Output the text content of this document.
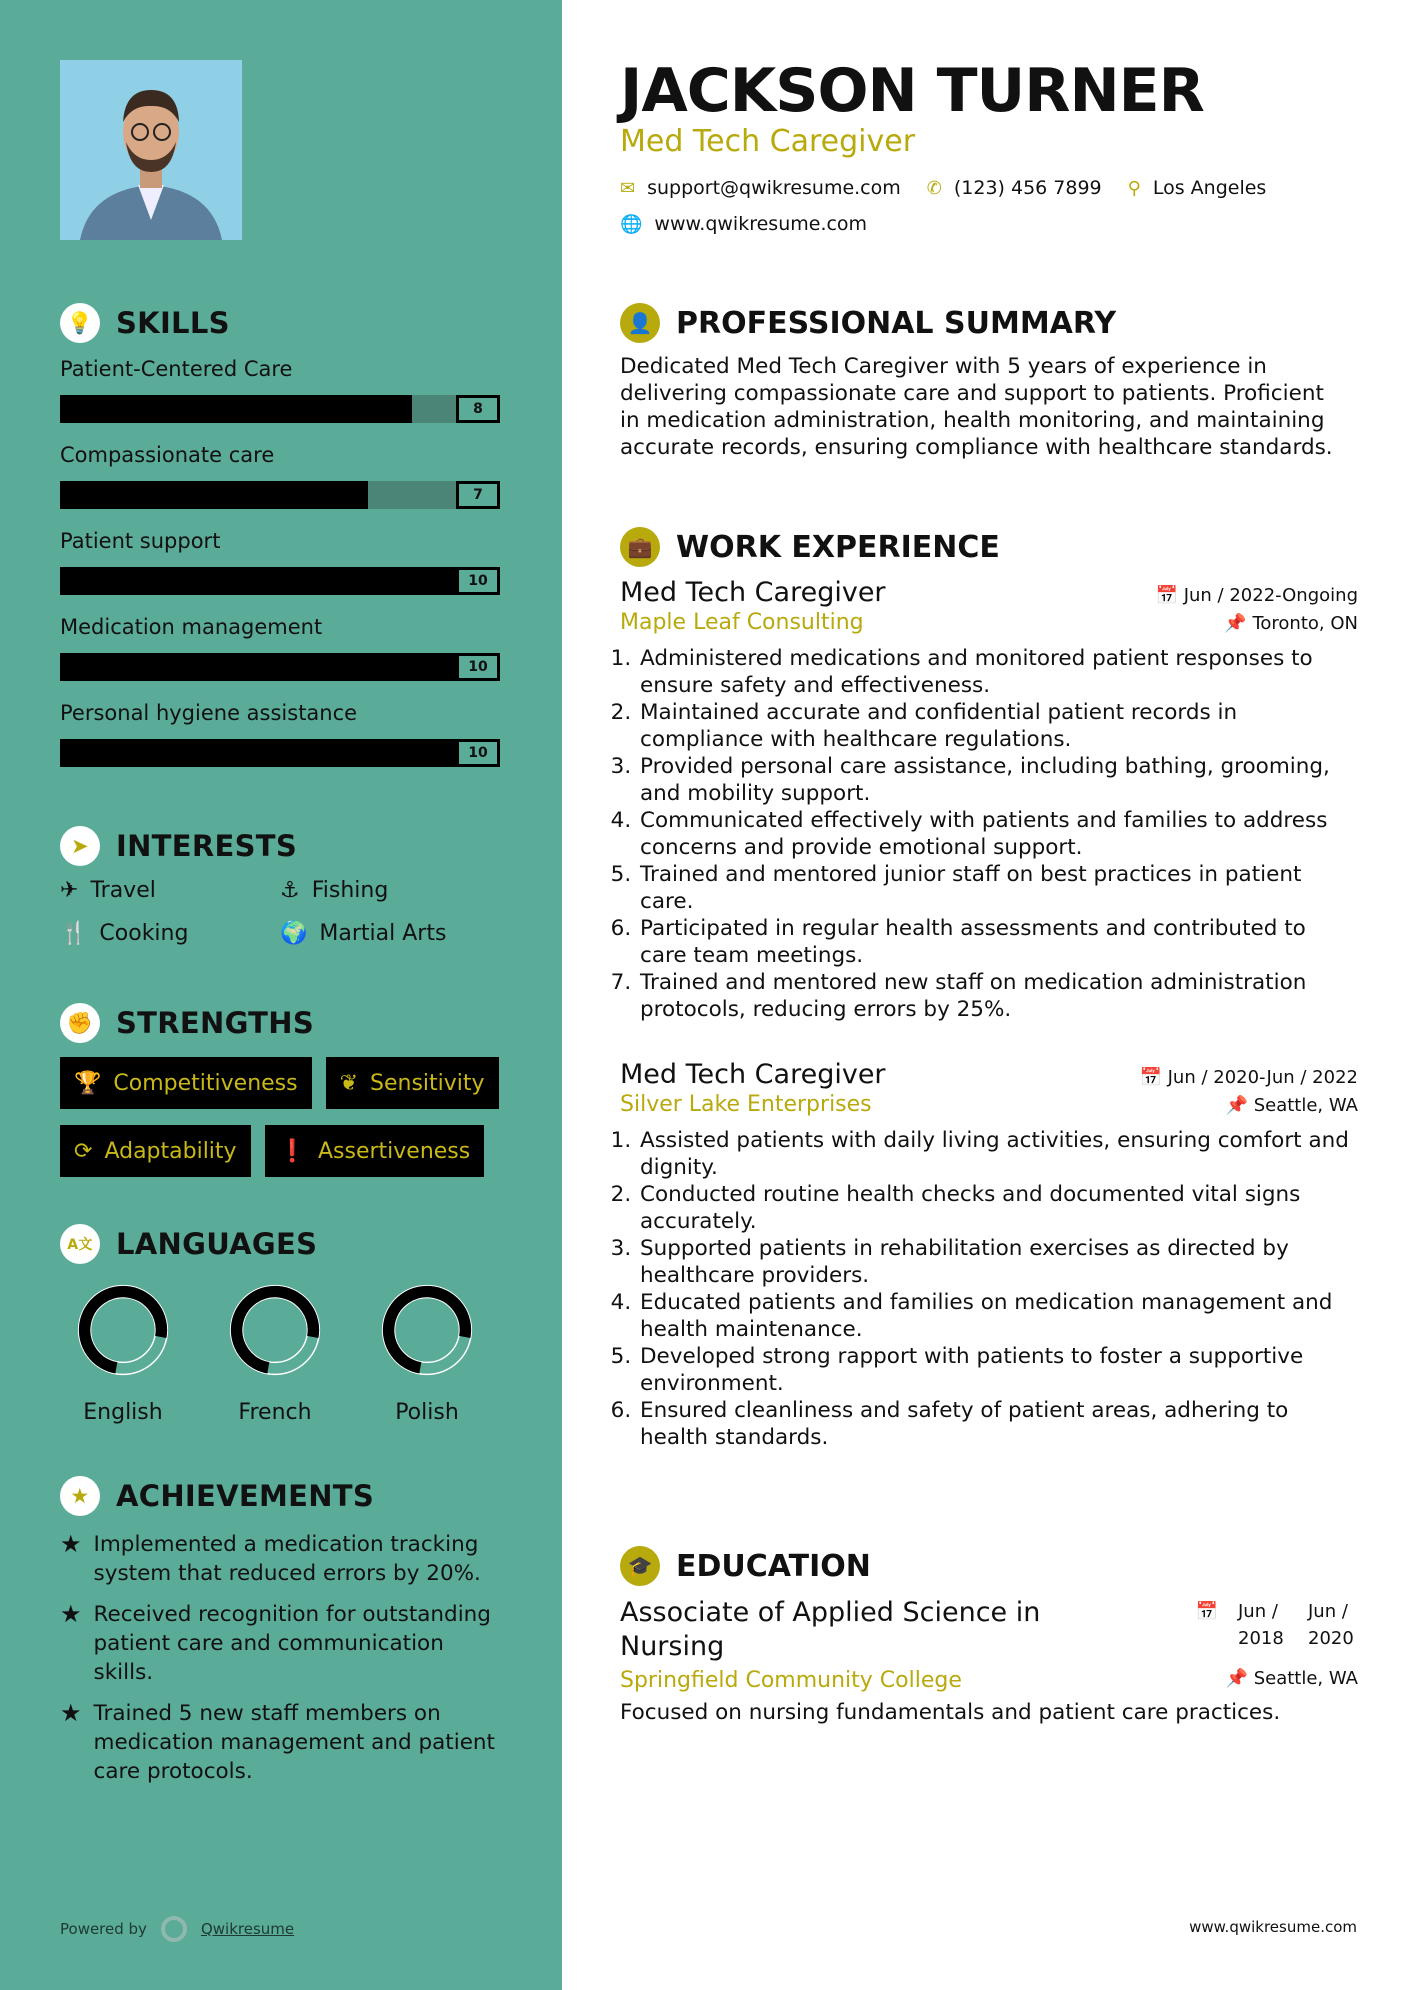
💡 SKILLS
Patient-Centered Care
8
Compassionate care
7
Patient support
10
Medication management
10
Personal hygiene assistance
10
➤ INTERESTS
✈ Travel	⚓ Fishing
🍴 Cooking	🌍 Martial Arts
✊ STRENGTHS
🏆 Competitiveness ❦ Sensitivity
⟳ Adaptability ❗ Assertiveness
A文 LANGUAGES
English	French	Polish
★ ACHIEVEMENTS
★ Implemented a medication tracking system that reduced errors by 20%.
★ Received recognition for outstanding patient care and communication skills.
★ Trained 5 new staff members on medication management and patient care protocols.
Powered by	Qwikresume
JACKSON TURNER
Med Tech Caregiver
✉ support@qwikresume.com ✆ (123) 456 7899 ⚲ Los Angeles
🌐 www.qwikresume.com
👤 PROFESSIONAL SUMMARY

Dedicated Med Tech Caregiver with 5 years of experience in delivering compassionate care and support to patients. Proficient in medication administration, health monitoring, and maintaining accurate records, ensuring compliance with healthcare standards.

💼 WORK EXPERIENCE
Med Tech Caregiver	📅 Jun / 2022-Ongoing
Maple Leaf Consulting	📌 Toronto, ON
1. Administered medications and monitored patient responses to ensure safety and effectiveness.
2. Maintained accurate and confidential patient records in compliance with healthcare regulations.
3. Provided personal care assistance, including bathing, grooming, and mobility support.
4. Communicated effectively with patients and families to address concerns and provide emotional support.
5. Trained and mentored junior staff on best practices in patient care.
6. Participated in regular health assessments and contributed to care team meetings.
7. Trained and mentored new staff on medication administration protocols, reducing errors by 25%.
Med Tech Caregiver	📅 Jun / 2020-Jun / 2022
Silver Lake Enterprises	📌 Seattle, WA
1. Assisted patients with daily living activities, ensuring comfort and dignity.
2. Conducted routine health checks and documented vital signs accurately.
3. Supported patients in rehabilitation exercises as directed by healthcare providers.
4. Educated patients and families on medication management and health maintenance.
5. Developed strong rapport with patients to foster a supportive environment.
6. Ensured cleanliness and safety of patient areas, adhering to health standards.
🎓 EDUCATION
Associate of Applied Science in Nursing
📅 Jun / 2018
Jun / 2020
Springfield Community College	📌 Seattle, WA

Focused on nursing fundamentals and patient care practices.

www.qwikresume.com
